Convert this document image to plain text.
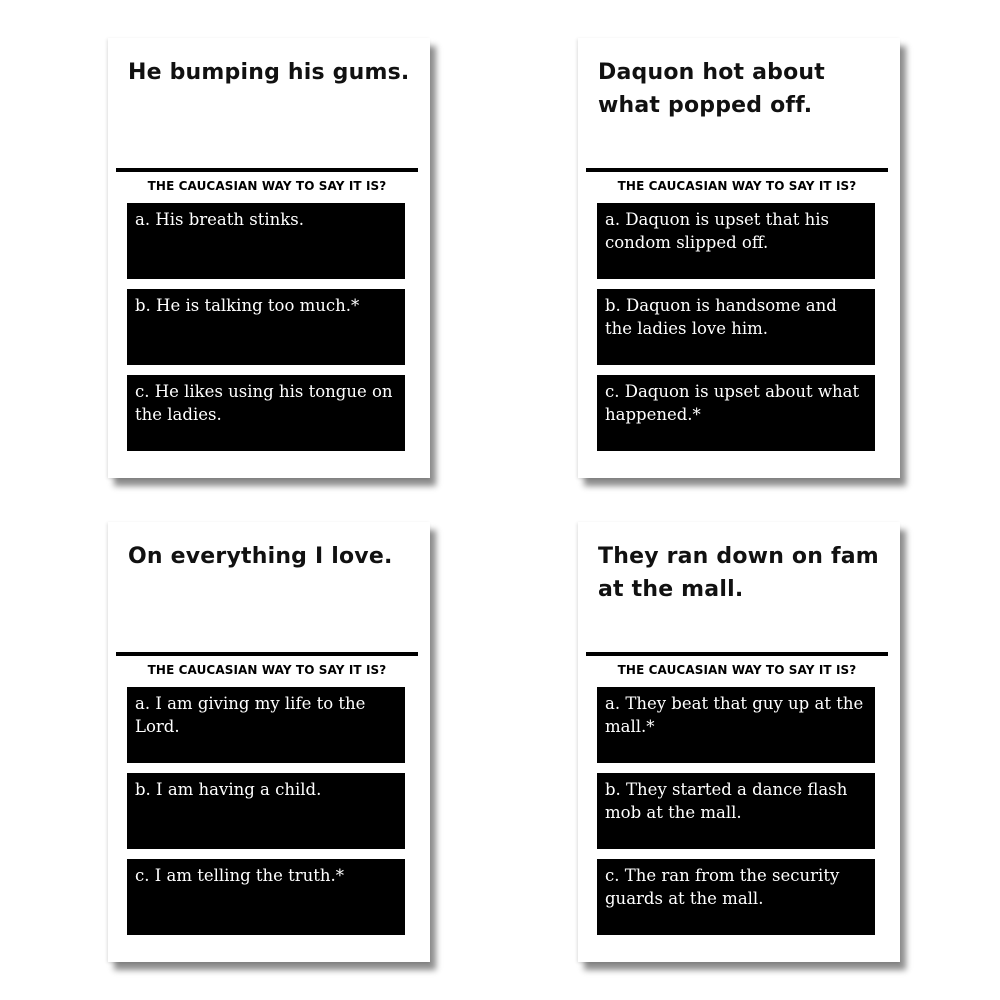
He bumping his gums.
THE CAUCASIAN WAY TO SAY IT IS?
a. His breath stinks.
b. He is talking too much.*
c. He likes using his tongue on the ladies.
Daquon hot about what popped off.
THE CAUCASIAN WAY TO SAY IT IS?
a. Daquon is upset that his condom slipped off.
b. Daquon is handsome and the ladies love him.
c. Daquon is upset about what happened.*
On everything I love.
THE CAUCASIAN WAY TO SAY IT IS?
a. I am giving my life to the Lord.
b. I am having a child.
c. I am telling the truth.*
They ran down on fam at the mall.
THE CAUCASIAN WAY TO SAY IT IS?
a. They beat that guy up at the mall.*
b. They started a dance flash mob at the mall.
c. The ran from the security guards at the mall.
